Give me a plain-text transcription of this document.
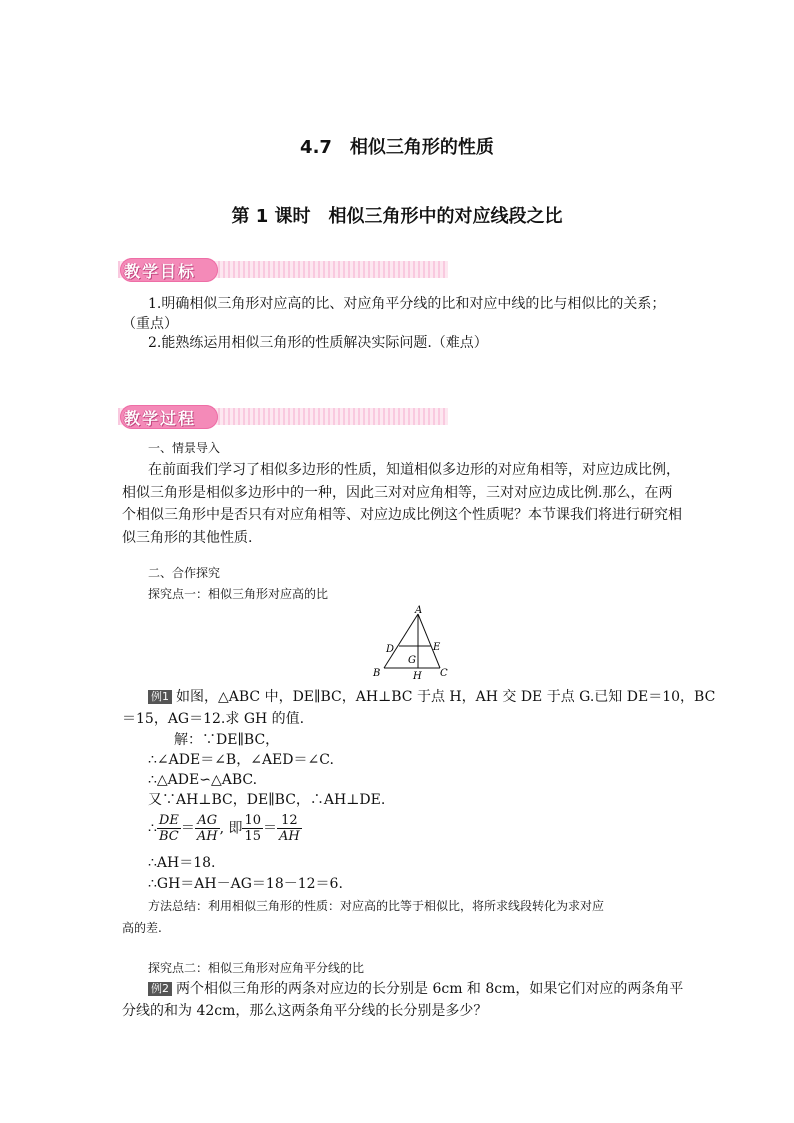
4.7　相似三角形的性质
第 1 课时　相似三角形中的对应线段之比
教学目标
1.明确相似三角形对应高的比、对应角平分线的比和对应中线的比与相似比的关系；
（重点）
2.能熟练运用相似三角形的性质解决实际问题.（难点）
教学过程
一、情景导入
在前面我们学习了相似多边形的性质，知道相似多边形的对应角相等，对应边成比例，
相似三角形是相似多边形中的一种，因此三对对应角相等，三对对应边成比例.那么，在两
个相似三角形中是否只有对应角相等、对应边成比例这个性质呢？本节课我们将进行研究相
似三角形的其他性质.
二、合作探究
探究点一：相似三角形对应高的比
A
B	C
D	E
G
H
例1 如图，△ABC 中，DE∥BC，AH⊥BC 于点 H，AH 交 DE 于点 G.已知 DE＝10，BC
＝15，AG＝12.求 GH 的值.
解：∵DE∥BC，
∴∠ADE＝∠B，∠AED＝∠C.
∴△ADE∽△ABC.
又∵AH⊥BC，DE∥BC，∴AH⊥DE.
∴ $\frac{DE}{BC} = \frac{AG}{AH}$ , 即 $\frac{10}{15} = \frac{12}{AH}$
∴AH＝18.
∴GH＝AH－AG＝18－12＝6.
方法总结：利用相似三角形的性质：对应高的比等于相似比，将所求线段转化为求对应
高的差.
探究点二：相似三角形对应角平分线的比
例2 两个相似三角形的两条对应边的长分别是 6cm 和 8cm，如果它们对应的两条角平
分线的和为 42cm，那么这两条角平分线的长分别是多少？
